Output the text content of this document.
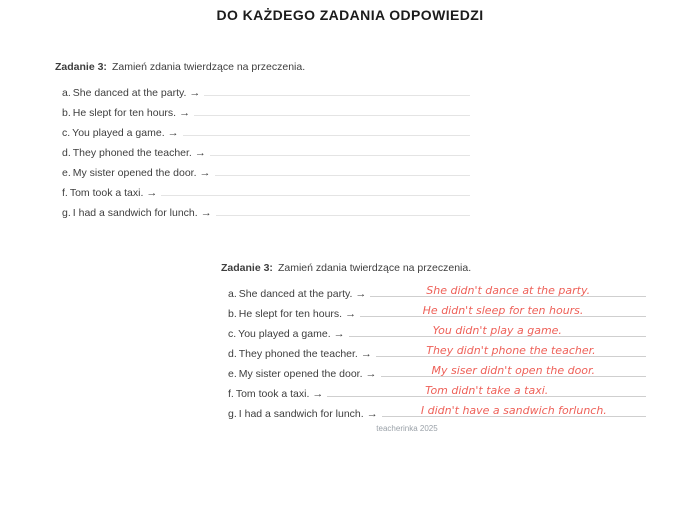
DO KAŻDEGO ZADANIA ODPOWIEDZI
Zadanie 3: Zamień zdania twierdzące na przeczenia.
a. She danced at the party. →
b. He slept for ten hours. →
c. You played a game. →
d. They phoned the teacher. →
e. My sister opened the door. →
f. Tom took a taxi. →
g. I had a sandwich for lunch. →
Zadanie 3: Zamień zdania twierdzące na przeczenia.
a. She danced at the party. →	She didn't dance at the party.
b. He slept for ten hours. →	He didn't sleep for ten hours.
c. You played a game. →	You didn't play a game.
d. They phoned the teacher. →	They didn't phone the teacher.
e. My sister opened the door. →	My siser didn't open the door.
f. Tom took a taxi. →	Tom didn't take a taxi.
g. I had a sandwich for lunch. →	I didn't have a sandwich forlunch.
teacherinka 2025
